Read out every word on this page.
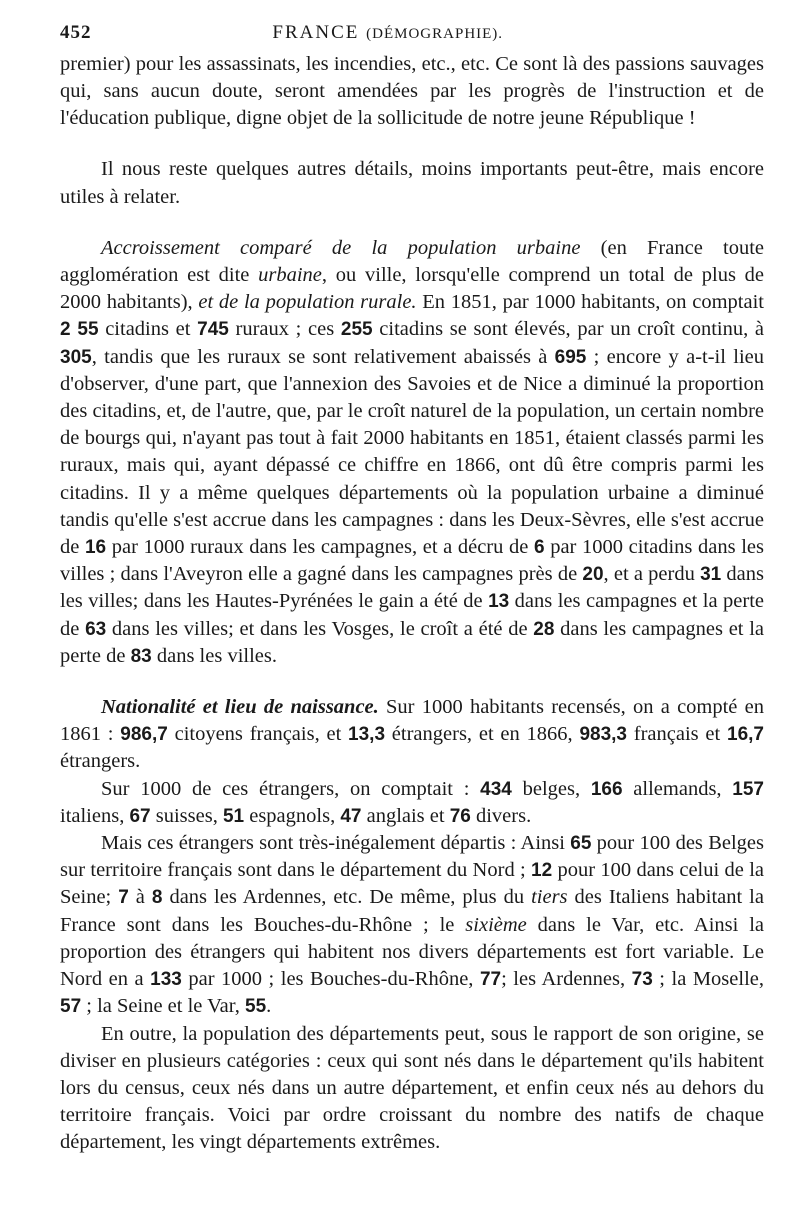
452	FRANCE (DÉMOGRAPHIE).

premier) pour les assassinats, les incendies, etc., etc. Ce sont là des passions sauvages qui, sans aucun doute, seront amendées par les progrès de l'instruction et de l'éducation publique, digne objet de la sollicitude de notre jeune République !

Il nous reste quelques autres détails, moins importants peut-être, mais encore utiles à relater.

Accroissement comparé de la population urbaine (en France toute agglomération est dite urbaine, ou ville, lorsqu'elle comprend un total de plus de 2000 habitants), et de la population rurale. En 1851, par 1000 habitants, on comptait 2 55 citadins et 745 ruraux ; ces 255 citadins se sont élevés, par un croît continu, à 305, tandis que les ruraux se sont relativement abaissés à 695 ; encore y a-t-il lieu d'observer, d'une part, que l'annexion des Savoies et de Nice a diminué la proportion des citadins, et, de l'autre, que, par le croît naturel de la population, un certain nombre de bourgs qui, n'ayant pas tout à fait 2000 habitants en 1851, étaient classés parmi les ruraux, mais qui, ayant dépassé ce chiffre en 1866, ont dû être compris parmi les citadins. Il y a même quelques départements où la population urbaine a diminué tandis qu'elle s'est accrue dans les campagnes : dans les Deux-Sèvres, elle s'est accrue de 16 par 1000 ruraux dans les campagnes, et a décru de 6 par 1000 citadins dans les villes ; dans l'Aveyron elle a gagné dans les campagnes près de 20, et a perdu 31 dans les villes; dans les Hautes-Pyrénées le gain a été de 13 dans les campagnes et la perte de 63 dans les villes; et dans les Vosges, le croît a été de 28 dans les campagnes et la perte de 83 dans les villes.

Nationalité et lieu de naissance. Sur 1000 habitants recensés, on a compté en 1861 : 986,7 citoyens français, et 13,3 étrangers, et en 1866, 983,3 français et 16,7 étrangers.

Sur 1000 de ces étrangers, on comptait : 434 belges, 166 allemands, 157 italiens, 67 suisses, 51 espagnols, 47 anglais et 76 divers.

Mais ces étrangers sont très-inégalement départis : Ainsi 65 pour 100 des Belges sur territoire français sont dans le département du Nord ; 12 pour 100 dans celui de la Seine; 7 à 8 dans les Ardennes, etc. De même, plus du tiers des Italiens habitant la France sont dans les Bouches-du-Rhône ; le sixième dans le Var, etc. Ainsi la proportion des étrangers qui habitent nos divers départements est fort variable. Le Nord en a 133 par 1000 ; les Bouches-du-Rhône, 77; les Ardennes, 73 ; la Moselle, 57 ; la Seine et le Var, 55.

En outre, la population des départements peut, sous le rapport de son origine, se diviser en plusieurs catégories : ceux qui sont nés dans le département qu'ils habitent lors du census, ceux nés dans un autre département, et enfin ceux nés au dehors du territoire français. Voici par ordre croissant du nombre des natifs de chaque département, les vingt départements extrêmes.
